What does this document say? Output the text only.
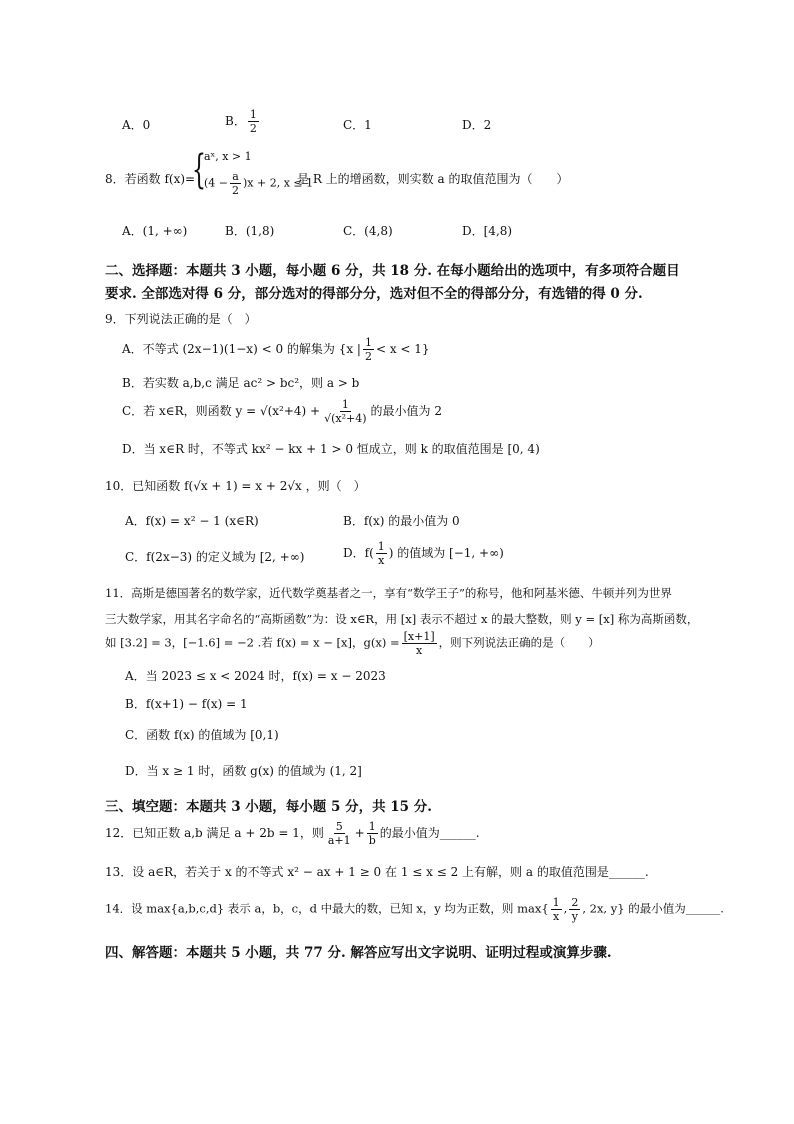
A．0	B． $\frac{1}{2}$	C．1	D．2
8．若函数 f(x)=
{
aˣ, x > 1
$(4 - \frac{a}{2} )x + 2$, x ≤ 1
是 R 上的增函数，则实数 a 的取值范围为（　　）
A．(1, +∞)	B．(1,8)	C．(4,8)	D．[4,8)
二、选择题：本题共 3 小题，每小题 6 分，共 18 分. 在每小题给出的选项中，有多项符合题目
要求. 全部选对得 6 分，部分选对的得部分分，选对但不全的得部分分，有选错的得 0 分.
9．下列说法正确的是（　）
A．不等式 (2x−1)(1−x) < 0 的解集为 {x | $\frac{1}{2} < x < 1$}
B．若实数 a,b,c 满足 ac² > bc²，则 a > b
C．若 x∈R，则函数 $y = √(x^2+4) + \frac{1}{\text{√(x²+4)}}$ 的最小值为 2
D．当 x∈R 时，不等式 kx² − kx + 1 > 0 恒成立，则 k 的取值范围是 [0, 4)
10．已知函数 f(√x + 1) = x + 2√x ，则（　）
A．f(x) = x² − 1 (x∈R)	B．f(x) 的最小值为 0
C．f(2x−3) 的定义域为 [2, +∞)	D．$f( \frac{1}{x}$ ) 的值域为 [−1, +∞)
11．高斯是德国著名的数学家，近代数学奠基者之一，享有“数学王子”的称号，他和阿基米德、牛顿并列为世界
三大数学家，用其名字命名的“高斯函数”为：设 x∈R，用 [x] 表示不超过 x 的最大整数，则 y = [x] 称为高斯函数，
如 [3.2] = 3，[−1.6] = −2 .若 f(x) = x − [x]，$g(x) = \frac{[x+1]}{x}$ ，则下列说法正确的是（　　）
A．当 2023 ≤ x < 2024 时，f(x) = x − 2023
B．f(x+1) − f(x) = 1
C．函数 f(x) 的值域为 [0,1)
D．当 x ≥ 1 时，函数 g(x) 的值域为 (1, 2]
三、填空题：本题共 3 小题，每小题 5 分，共 15 分.
12．已知正数 a,b 满足 a + 2b = 1，则 $\frac{5}{a+1} + \frac{1}{b}$ 的最小值为______.
13．设 a∈R，若关于 x 的不等式 x² − ax + 1 ≥ 0 在 1 ≤ x ≤ 2 上有解，则 a 的取值范围是______.
14．设 max{a,b,c,d} 表示 a，b，c，d 中最大的数，已知 x，y 均为正数，则 $\max\{ \frac{1}{x}$ , $\frac{2}{y}$ , 2x, y} 的最小值为______.
四、解答题：本题共 5 小题，共 77 分. 解答应写出文字说明、证明过程或演算步骤.
